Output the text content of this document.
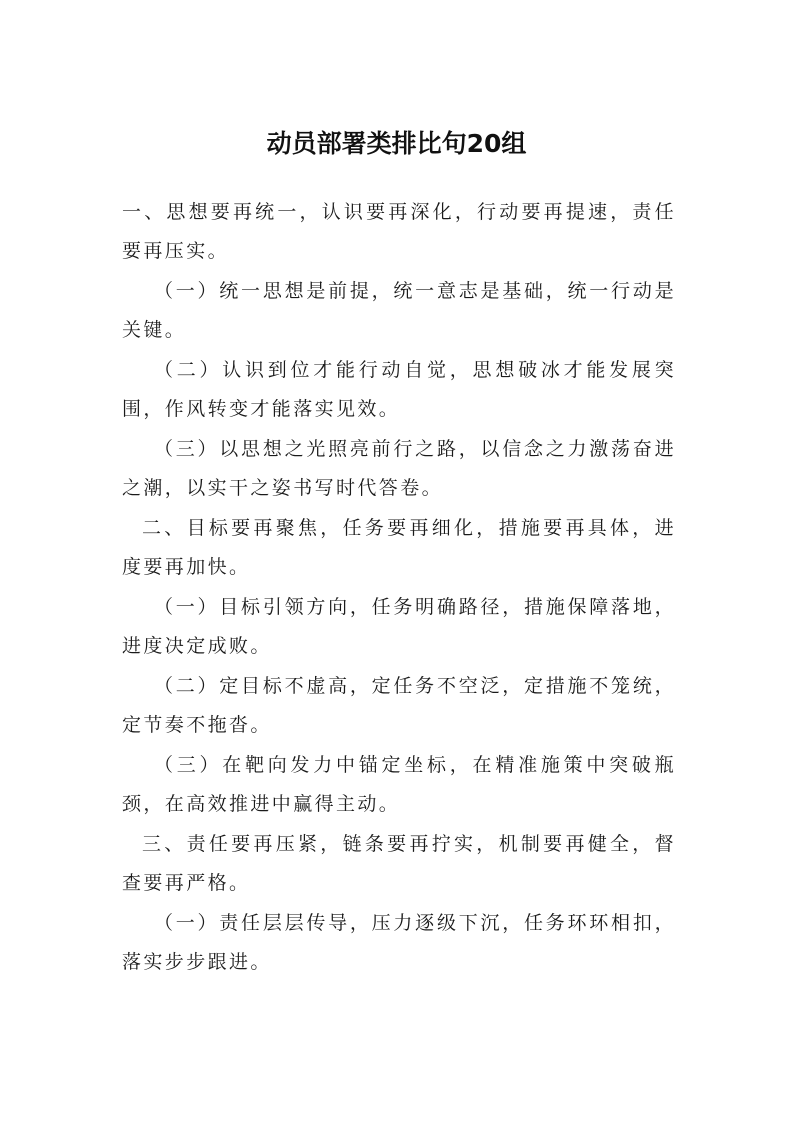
动员部署类排比句20组

一、思想要再统一，认识要再深化，行动要再提速，责任要再压实。

（一）统一思想是前提，统一意志是基础，统一行动是关键。

（二）认识到位才能行动自觉，思想破冰才能发展突围，作风转变才能落实见效。

（三）以思想之光照亮前行之路，以信念之力激荡奋进之潮，以实干之姿书写时代答卷。

二、目标要再聚焦，任务要再细化，措施要再具体，进度要再加快。

（一）目标引领方向，任务明确路径，措施保障落地，进度决定成败。

（二）定目标不虚高，定任务不空泛，定措施不笼统，定节奏不拖沓。

（三）在靶向发力中锚定坐标，在精准施策中突破瓶颈，在高效推进中赢得主动。

三、责任要再压紧，链条要再拧实，机制要再健全，督查要再严格。

（一）责任层层传导，压力逐级下沉，任务环环相扣，落实步步跟进。
